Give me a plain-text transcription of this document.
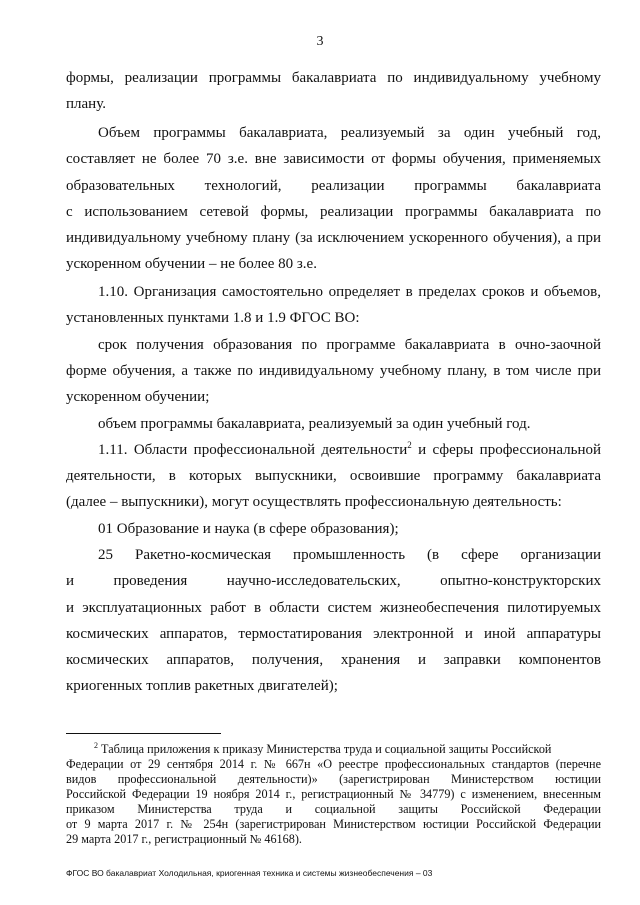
3
формы, реализации программы бакалавриата по индивидуальному учебному
плану.
Объем программы бакалавриата, реализуемый за один учебный год,
составляет не более 70 з.е. вне зависимости от формы обучения, применяемых
образовательных технологий, реализации программы бакалавриата
с использованием сетевой формы, реализации программы бакалавриата по
индивидуальному учебному плану (за исключением ускоренного обучения), а при
ускоренном обучении – не более 80 з.е.
1.10. Организация самостоятельно определяет в пределах сроков и объемов,
установленных пунктами 1.8 и 1.9 ФГОС ВО:
срок получения образования по программе бакалавриата в очно-заочной
форме обучения, а также по индивидуальному учебному плану, в том числе при
ускоренном обучении;
объем программы бакалавриата, реализуемый за один учебный год.
1.11. Области профессиональной деятельности$^2$ и сферы профессиональной
деятельности, в которых выпускники, освоившие программу бакалавриата
(далее – выпускники), могут осуществлять профессиональную деятельность:
01 Образование и наука (в сфере образования);
25 Ракетно-космическая промышленность (в сфере организации
и проведения научно-исследовательских, опытно-конструкторских
и эксплуатационных работ в области систем жизнеобеспечения пилотируемых
космических аппаратов, термостатирования электронной и иной аппаратуры
космических аппаратов, получения, хранения и заправки компонентов
криогенных топлив ракетных двигателей);
$^2$ Таблица приложения к приказу Министерства труда и социальной защиты Российской
Федерации от 29 сентября 2014 г. № 667н «О реестре профессиональных стандартов (перечне
видов профессиональной деятельности)» (зарегистрирован Министерством юстиции
Российской Федерации 19 ноября 2014 г., регистрационный № 34779) с изменением, внесенным
приказом Министерства труда и социальной защиты Российской Федерации
от 9 марта 2017 г. № 254н (зарегистрирован Министерством юстиции Российской Федерации
29 марта 2017 г., регистрационный № 46168).
ФГОС ВО бакалавриат Холодильная, криогенная техника и системы жизнеобеспечения – 03
